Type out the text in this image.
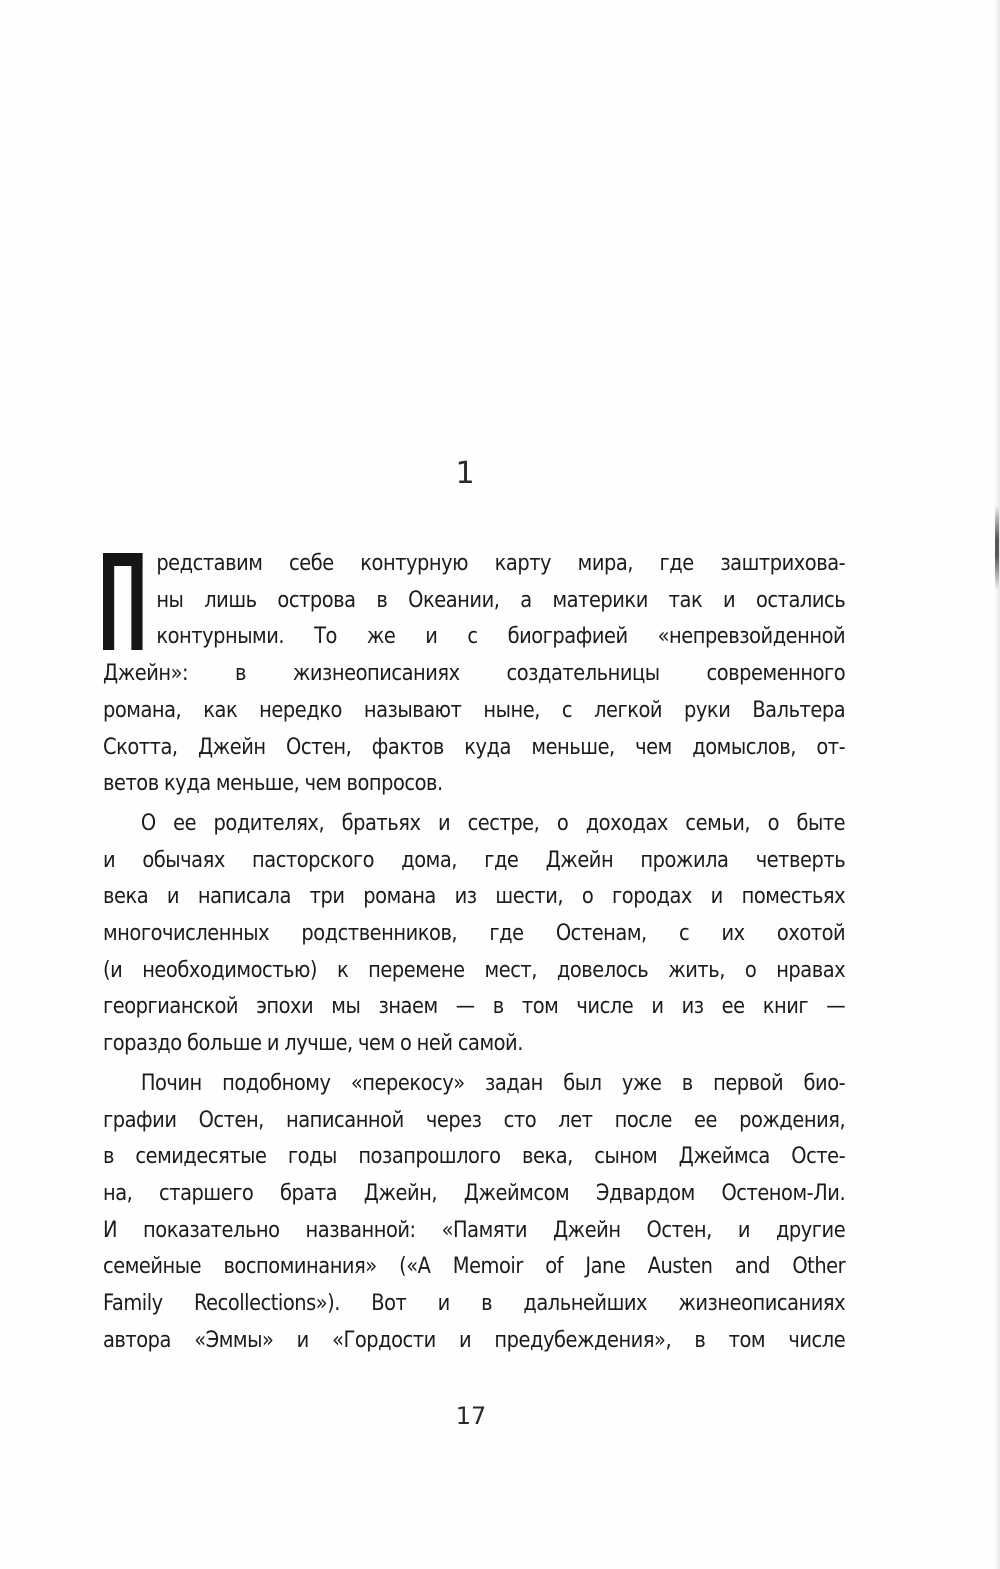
1
редставим себе контурную карту мира, где заштрихова-
ны лишь острова в Океании, а материки так и остались
контурными. То же и с биографией «непревзойденной
Джейн»: в жизнеописаниях создательницы современного
романа, как нередко называют ныне, с легкой руки Вальтера
Скотта, Джейн Остен, фактов куда меньше, чем домыслов, от-
ветов куда меньше, чем вопросов.
О ее родителях, братьях и сестре, о доходах семьи, о быте
и обычаях пасторского дома, где Джейн прожила четверть
века и написала три романа из шести, о городах и поместьях
многочисленных родственников, где Остенам, с их охотой
(и необходимостью) к перемене мест, довелось жить, о нравах
георгианской эпохи мы знаем — в том числе и из ее книг —
гораздо больше и лучше, чем о ней самой.
Почин подобному «перекосу» задан был уже в первой био-
графии Остен, написанной через сто лет после ее рождения,
в семидесятые годы позапрошлого века, сыном Джеймса Осте-
на, старшего брата Джейн, Джеймсом Эдвардом Остеном-Ли.
И показательно названной: «Памяти Джейн Остен, и другие
семейные воспоминания» («A Memoir of Jane Austen and Other
Family Recollections»). Вот и в дальнейших жизнеописаниях
автора «Эммы» и «Гордости и предубеждения», в том числе
17
